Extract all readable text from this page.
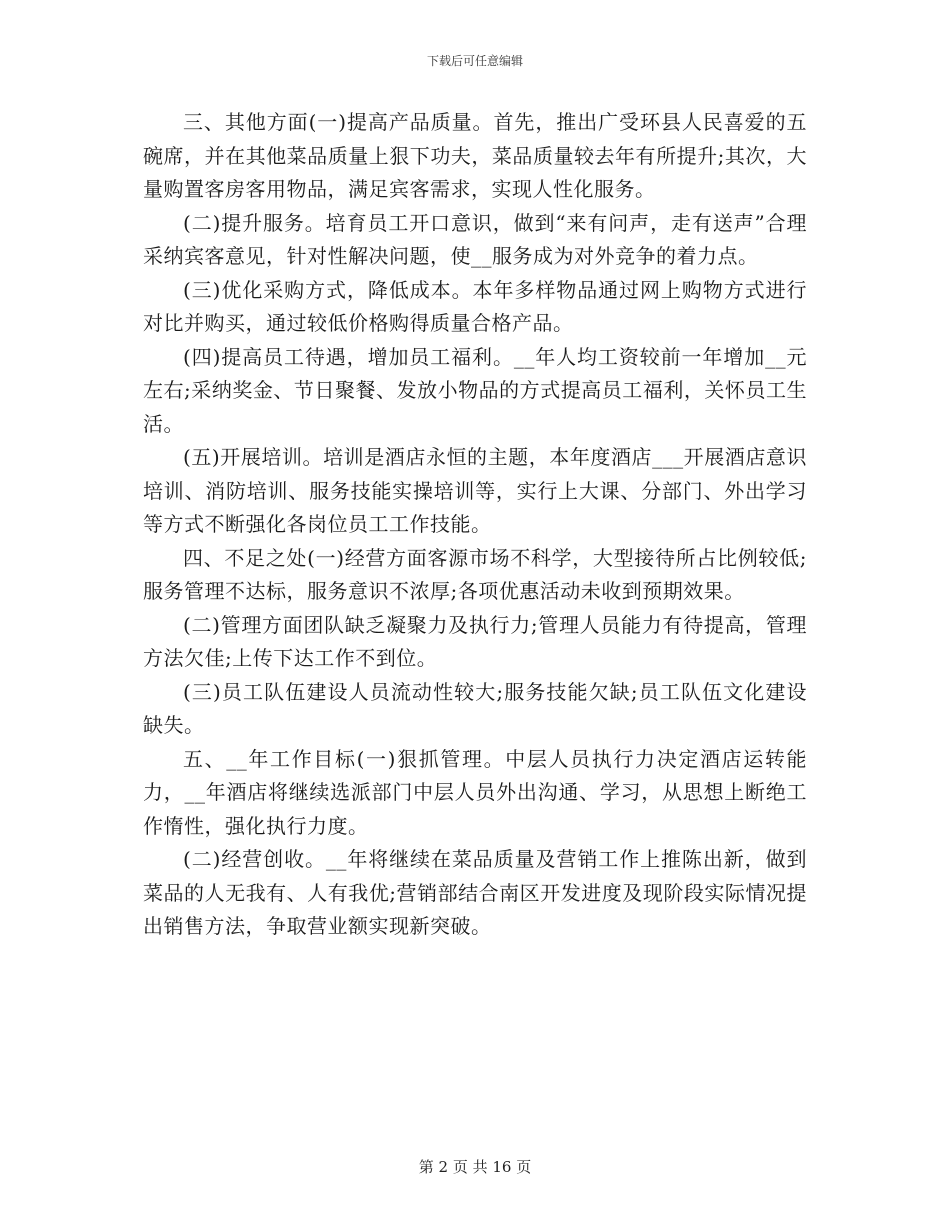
下载后可任意编辑

三、其他方面(一)提高产品质量。首先，推出广受环县人民喜爱的五碗席，并在其他菜品质量上狠下功夫，菜品质量较去年有所提升;其次，大量购置客房客用物品，满足宾客需求，实现人性化服务。

(二)提升服务。培育员工开口意识，做到“来有问声，走有送声”合理采纳宾客意见，针对性解决问题，使__服务成为对外竞争的着力点。

(三)优化采购方式，降低成本。本年多样物品通过网上购物方式进行对比并购买，通过较低价格购得质量合格产品。

(四)提高员工待遇，增加员工福利。__年人均工资较前一年增加__元左右;采纳奖金、节日聚餐、发放小物品的方式提高员工福利，关怀员工生活。

(五)开展培训。培训是酒店永恒的主题，本年度酒店___开展酒店意识培训、消防培训、服务技能实操培训等，实行上大课、分部门、外出学习等方式不断强化各岗位员工工作技能。

四、不足之处(一)经营方面客源市场不科学，大型接待所占比例较低;服务管理不达标，服务意识不浓厚;各项优惠活动未收到预期效果。

(二)管理方面团队缺乏凝聚力及执行力;管理人员能力有待提高，管理方法欠佳;上传下达工作不到位。

(三)员工队伍建设人员流动性较大;服务技能欠缺;员工队伍文化建设缺失。

五、__年工作目标(一)狠抓管理。中层人员执行力决定酒店运转能力，__年酒店将继续选派部门中层人员外出沟通、学习，从思想上断绝工作惰性，强化执行力度。

(二)经营创收。__年将继续在菜品质量及营销工作上推陈出新，做到菜品的人无我有、人有我优;营销部结合南区开发进度及现阶段实际情况提出销售方法，争取营业额实现新突破。

第 2 页 共 16 页
